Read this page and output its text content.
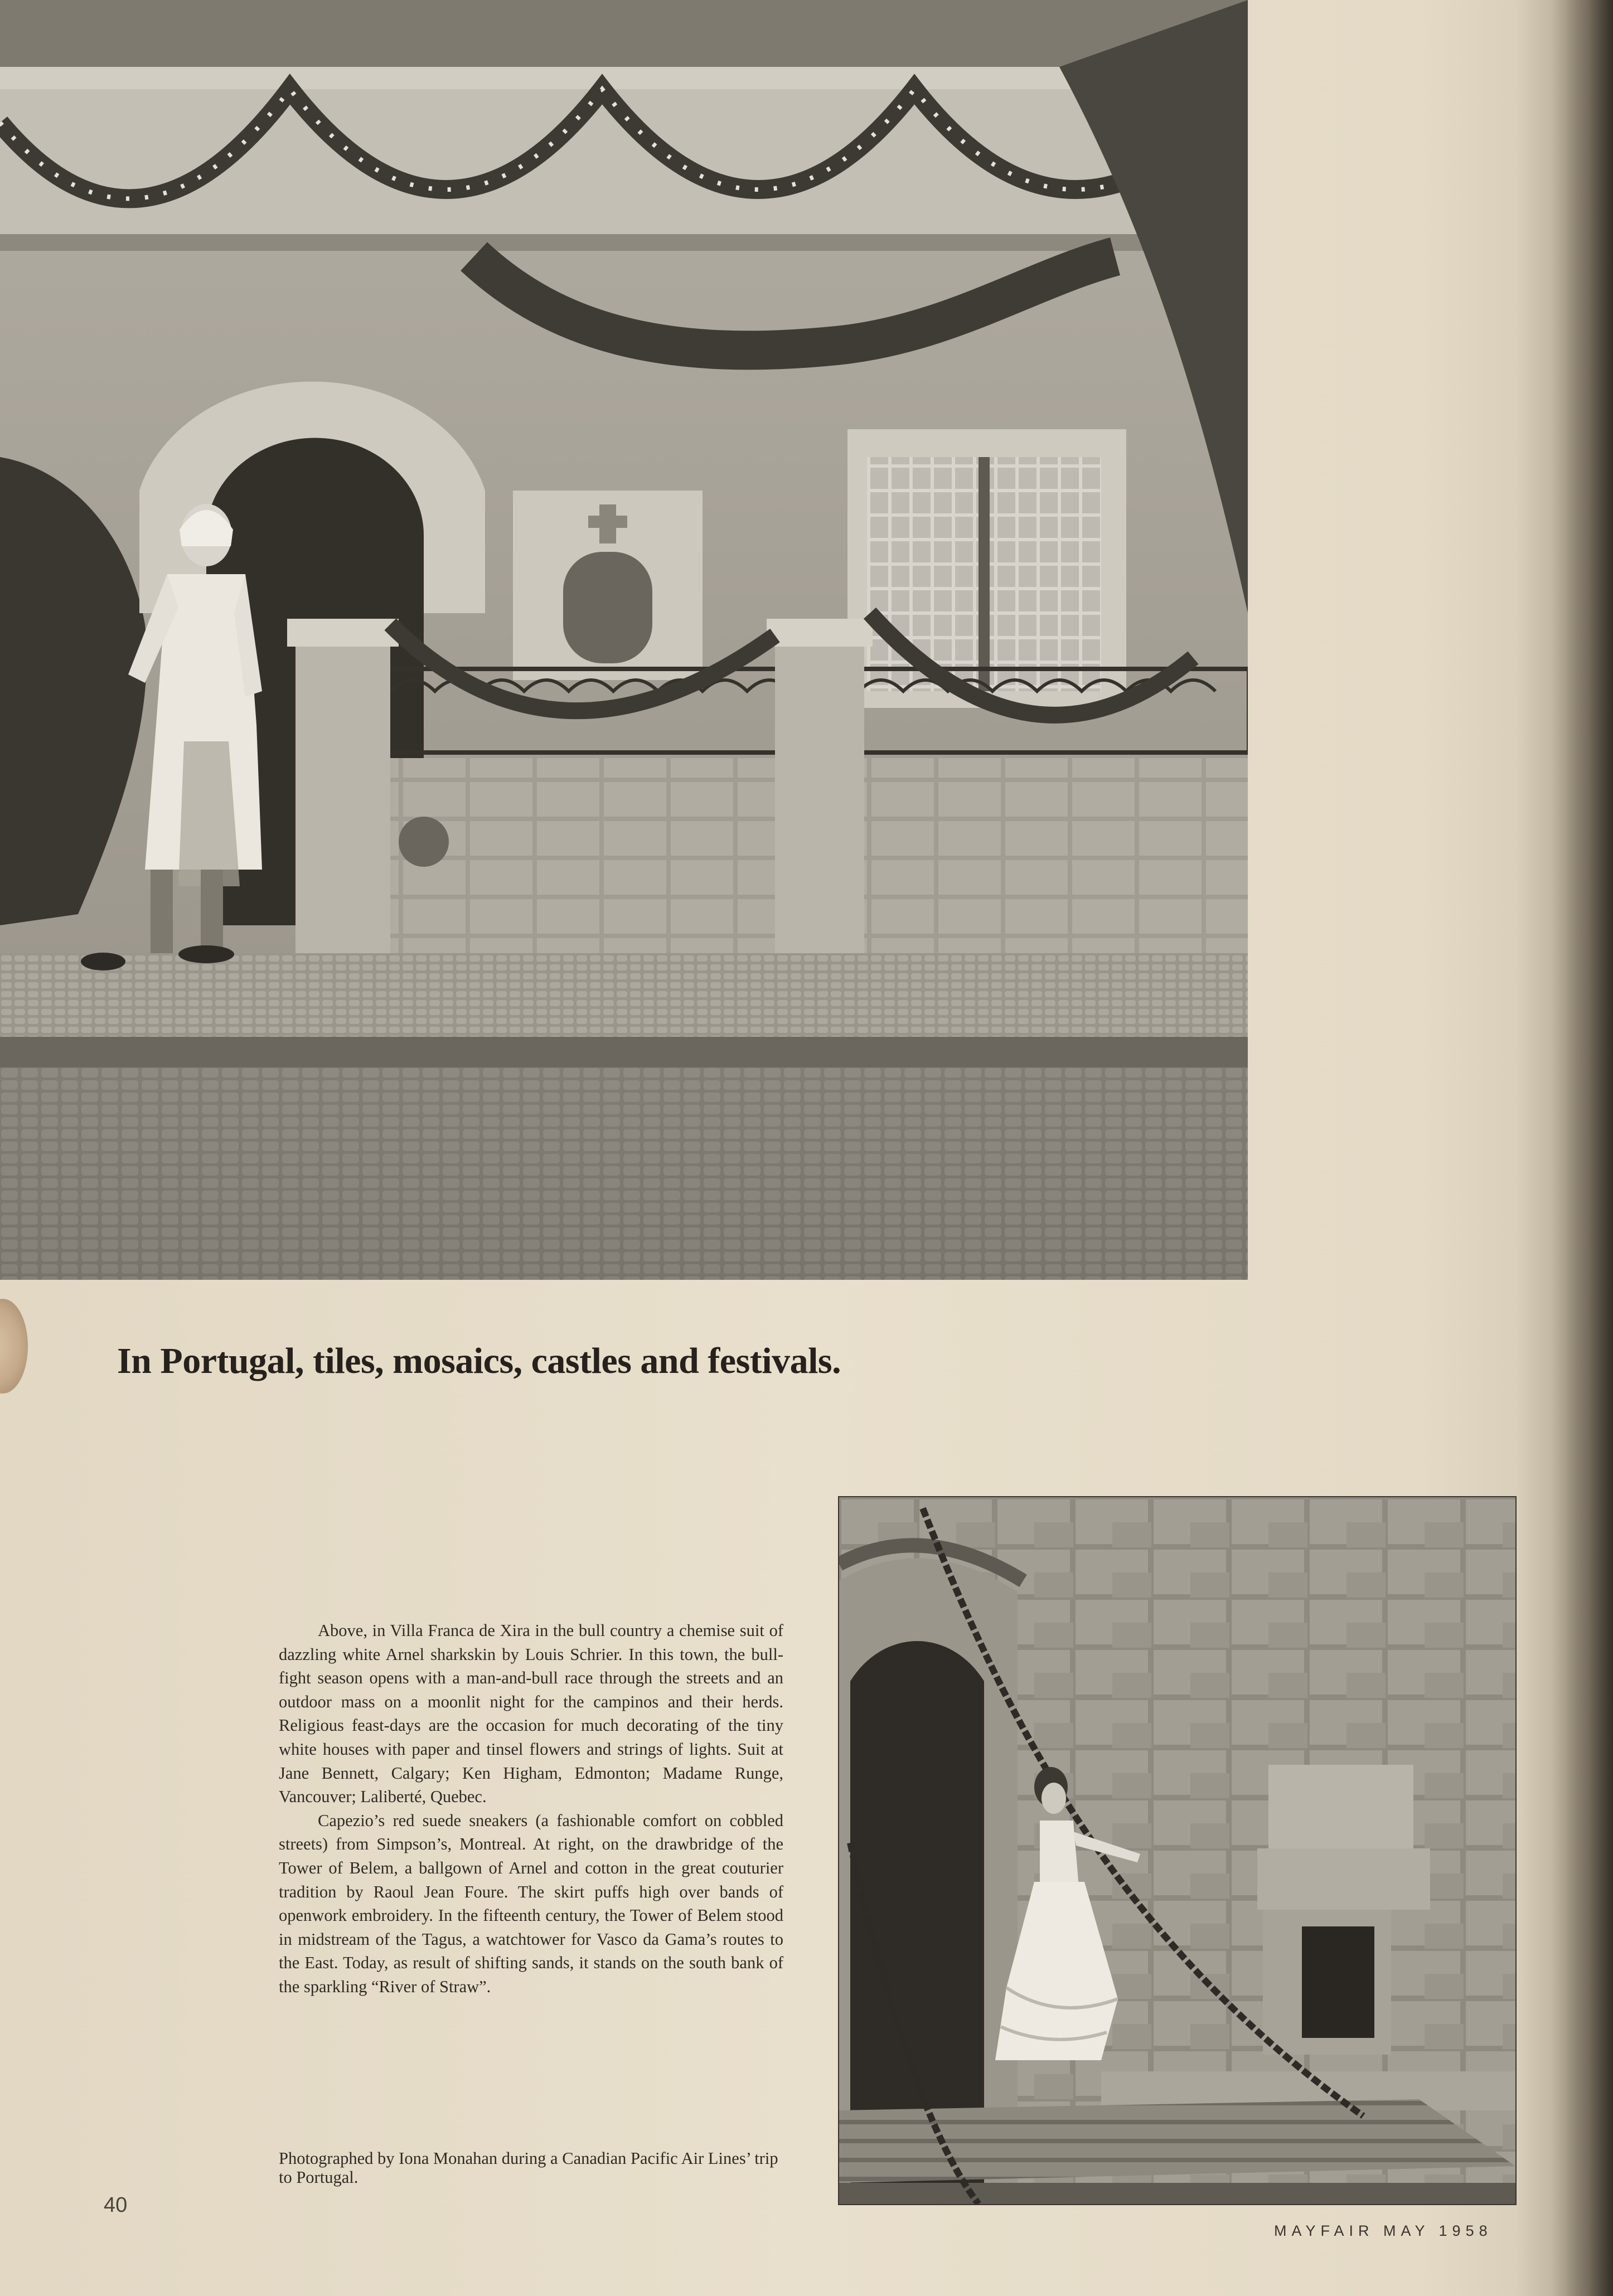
In Portugal, tiles, mosaics, castles and festivals.

Above, in Villa Franca de Xira in the bull country a chemise suit of dazzling white Arnel sharkskin by Louis Schrier. In this town, the bull-fight season opens with a man-and-bull race through the streets and an outdoor mass on a moonlit night for the campinos and their herds. Religious feast-days are the occasion for much decorating of the tiny white houses with paper and tinsel flowers and strings of lights. Suit at Jane Bennett, Calgary; Ken Higham, Edmonton; Madame Runge, Vancouver; Laliberté, Quebec.

Capezio’s red suede sneakers (a fashionable comfort on cobbled streets) from Simpson’s, Montreal. At right, on the drawbridge of the Tower of Belem, a ballgown of Arnel and cotton in the great couturier tradition by Raoul Jean Foure. The skirt puffs high over bands of openwork embroidery. In the fifteenth century, the Tower of Belem stood in midstream of the Tagus, a watchtower for Vasco da Gama’s routes to the East. Today, as result of shifting sands, it stands on the south bank of the sparkling “River of Straw”.

Photographed by Iona Monahan during a Canadian Pacific Air Lines’ trip to Portugal.

40

MAYFAIR MAY 1958
